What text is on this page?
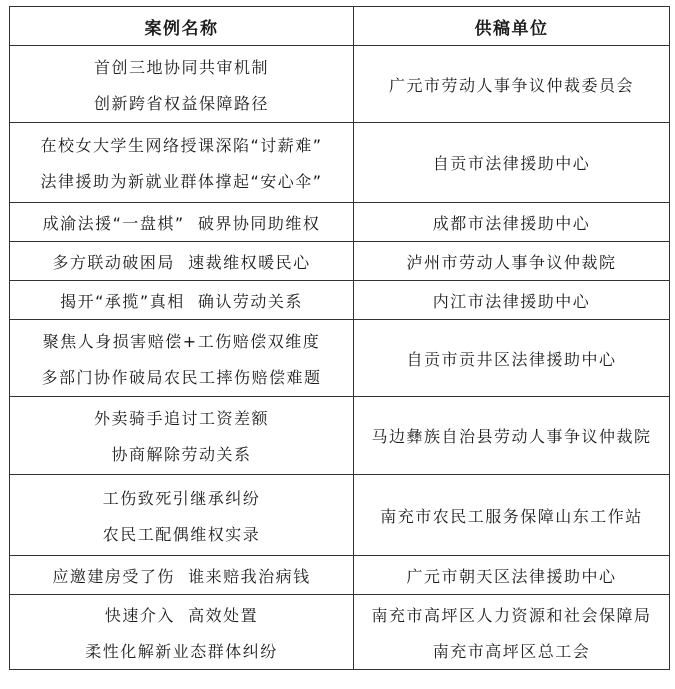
案例名称	供稿单位

首创三地协同共审机制
创新跨省权益保障路径	广元市劳动人事争议仲裁委员会

在校女大学生网络授课深陷“讨薪难”
法律援助为新就业群体撑起“安心伞”	自贡市法律援助中心

成渝法援“一盘棋”  破界协同助维权	成都市法律援助中心

多方联动破困局  速裁维权暖民心	泸州市劳动人事争议仲裁院

揭开“承揽”真相  确认劳动关系	内江市法律援助中心

聚焦人身损害赔偿+工伤赔偿双维度
多部门协作破局农民工摔伤赔偿难题	自贡市贡井区法律援助中心

外卖骑手追讨工资差额
协商解除劳动关系	马边彝族自治县劳动人事争议仲裁院

工伤致死引继承纠纷
农民工配偶维权实录	南充市农民工服务保障山东工作站

应邀建房受了伤  谁来赔我治病钱	广元市朝天区法律援助中心

快速介入  高效处置
柔性化解新业态群体纠纷	南充市高坪区人力资源和社会保障局
南充市高坪区总工会
